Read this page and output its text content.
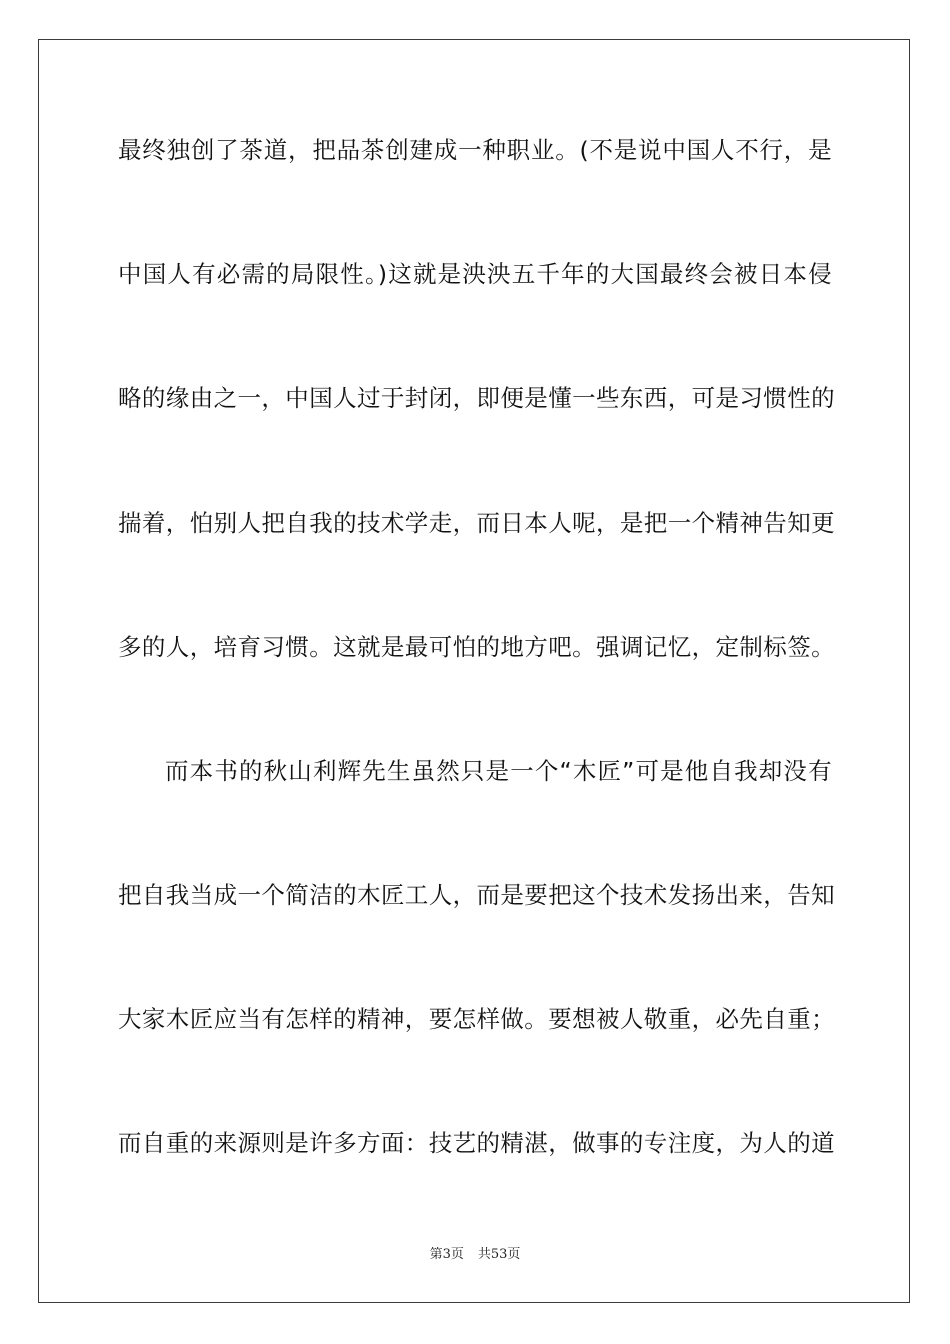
最终独创了茶道，把品茶创建成一种职业。(不是说中国人不行，是
中国人有必需的局限性。)这就是泱泱五千年的大国最终会被日本侵
略的缘由之一，中国人过于封闭，即便是懂一些东西，可是习惯性的
揣着，怕别人把自我的技术学走，而日本人呢，是把一个精神告知更
多的人，培育习惯。这就是最可怕的地方吧。强调记忆，定制标签。
而本书的秋山利辉先生虽然只是一个“木匠”可是他自我却没有
把自我当成一个简洁的木匠工人，而是要把这个技术发扬出来，告知
大家木匠应当有怎样的精神，要怎样做。要想被人敬重，必先自重；
而自重的来源则是许多方面：技艺的精湛，做事的专注度，为人的道
第3页 共53页
